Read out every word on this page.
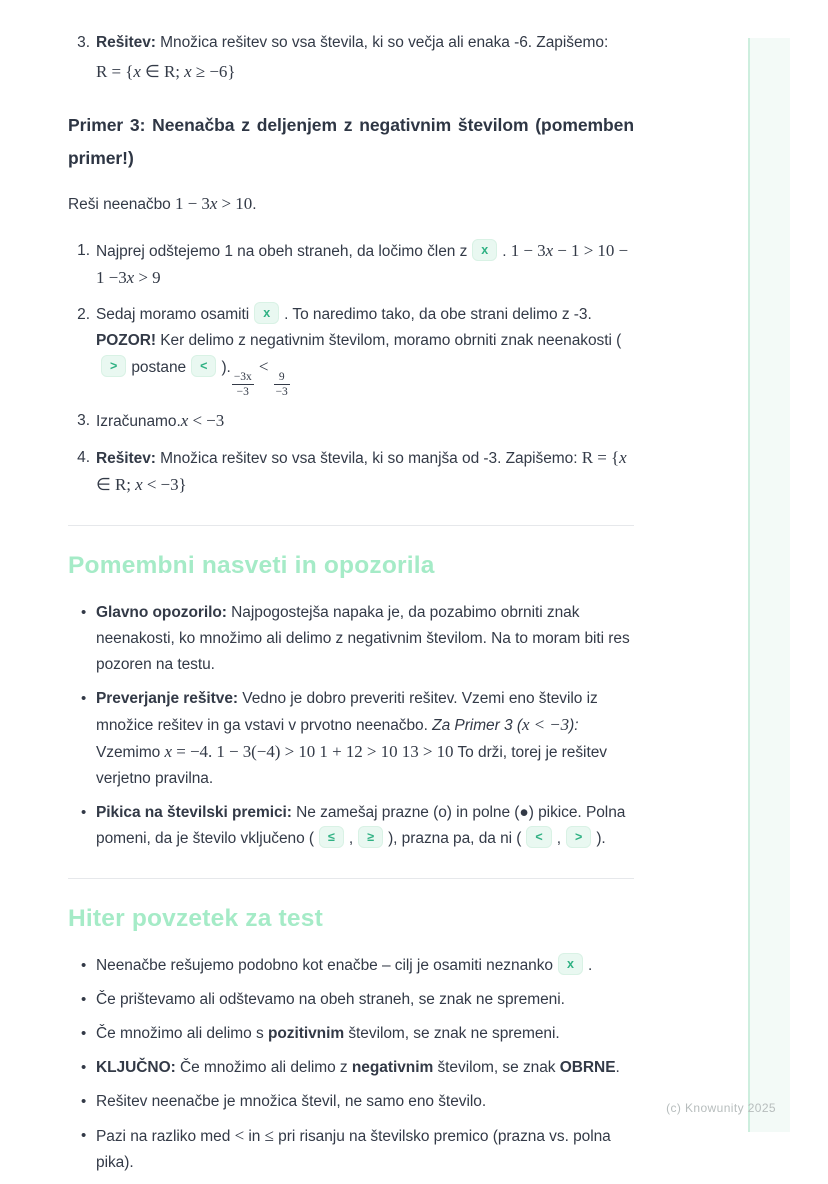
3. Rešitev: Množica rešitev so vsa števila, ki so večja ali enaka -6. Zapišemo:
R = {x ∈ R; x ≥ −6}
Primer 3: Neenačba z deljenjem z negativnim številom (pomemben primer!)

Reši neenačbo 1 − 3x > 10.

1. Najprej odštejemo 1 na obeh straneh, da ločimo člen z x . 1 − 3x − 1 > 10 − 1 −3x > 9
2. Sedaj moramo osamiti x . To naredimo tako, da obe strani delimo z -3. POZOR! Ker delimo z negativnim številom, moramo obrniti znak neenakosti (> postane < ).
$\frac{-3x}{-3}$
<
$\frac{9}{-3}$
3. Izračunamo.x < −3
4. Rešitev: Množica rešitev so vsa števila, ki so manjša od -3. Zapišemo: R = {x ∈ R; x < −3}
Pomembni nasveti in opozorila
• Glavno opozorilo: Najpogostejša napaka je, da pozabimo obrniti znak neenakosti, ko množimo ali delimo z negativnim številom. Na to moram biti res pozoren na testu.
• Preverjanje rešitve: Vedno je dobro preveriti rešitev. Vzemi eno število iz množice rešitev in ga vstavi v prvotno neenačbo. Za Primer 3 (x < −3): Vzemimo x = −4. 1 − 3(−4) > 10 1 + 12 > 10 13 > 10 To drži, torej je rešitev verjetno pravilna.
• Pikica na številski premici: Ne zamešaj prazne (o) in polne (●) pikice. Polna pomeni, da je število vključeno ( ≤ , ≥ ), prazna pa, da ni ( < , > ).
Hiter povzetek za test
• Neenačbe rešujemo podobno kot enačbe – cilj je osamiti neznanko x .
• Če prištevamo ali odštevamo na obeh straneh, se znak ne spremeni.
• Če množimo ali delimo s pozitivnim številom, se znak ne spremeni.
• KLJUČNO: Če množimo ali delimo z negativnim številom, se znak OBRNE.
• Rešitev neenačbe je množica števil, ne samo eno število.
• Pazi na razliko med < in ≤ pri risanju na številsko premico (prazna vs. polna pika).
(c) Knowunity 2025
